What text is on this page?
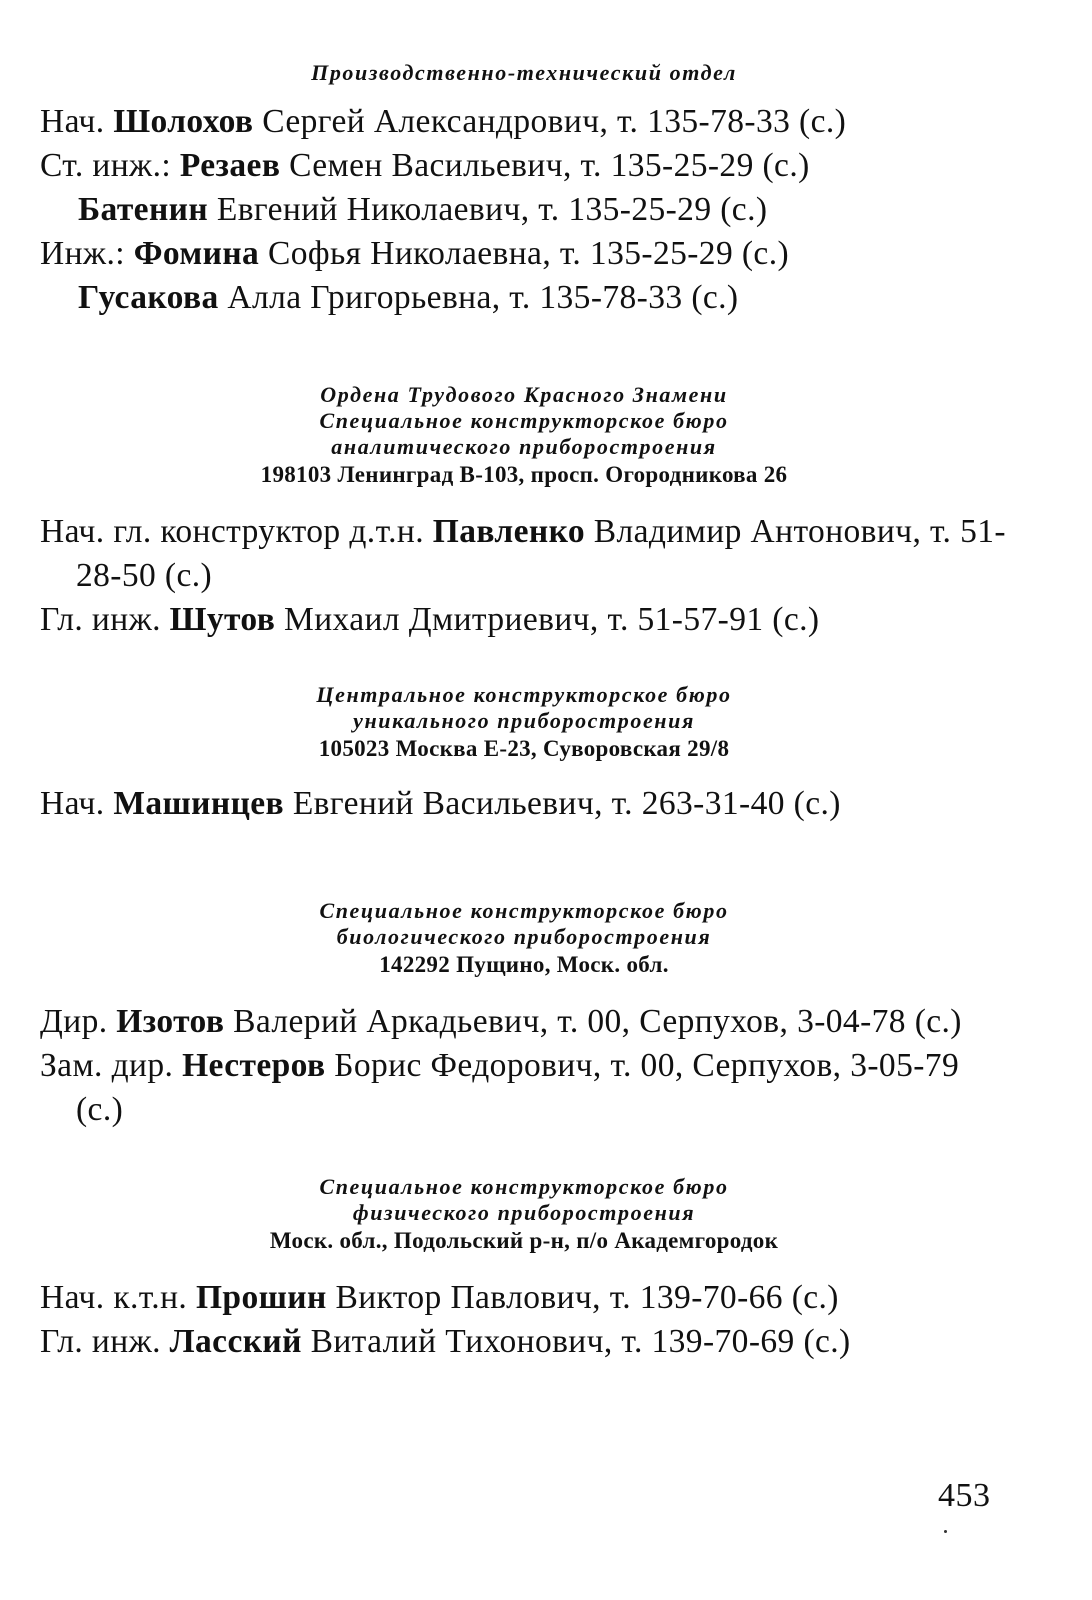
Производственно-технический отдел
Нач. Шолохов Сергей Александрович, т. 135-78-33 (с.)
Ст. инж.: Резаев Семен Васильевич, т. 135-25-29 (с.)
Батенин Евгений Николаевич, т. 135-25-29 (с.)
Инж.: Фомина Софья Николаевна, т. 135-25-29 (с.)
Гусакова Алла Григорьевна, т. 135-78-33 (с.)
Ордена Трудового Красного Знамени
Специальное конструкторское бюро
аналитического приборостроения
198103 Ленинград В-103, просп. Огородникова 26
Нач. гл. конструктор д.т.н. Павленко Владимир Антонович, т. 51-28-50 (с.)
Гл. инж. Шутов Михаил Дмитриевич, т. 51-57-91 (с.)
Центральное конструкторское бюро
уникального приборостроения
105023 Москва Е-23, Суворовская 29/8
Нач. Машинцев Евгений Васильевич, т. 263-31-40 (с.)
Специальное конструкторское бюро
биологического приборостроения
142292 Пущино, Моск. обл.
Дир. Изотов Валерий Аркадьевич, т. 00, Серпухов, 3-04-78 (с.)
Зам. дир. Нестеров Борис Федорович, т. 00, Серпухов, 3-05-79 (с.)
Специальное конструкторское бюро
физического приборостроения
Моск. обл., Подольский р-н, п/о Академгородок
Нач. к.т.н. Прошин Виктор Павлович, т. 139-70-66 (с.)
Гл. инж. Ласский Виталий Тихонович, т. 139-70-69 (с.)
453
